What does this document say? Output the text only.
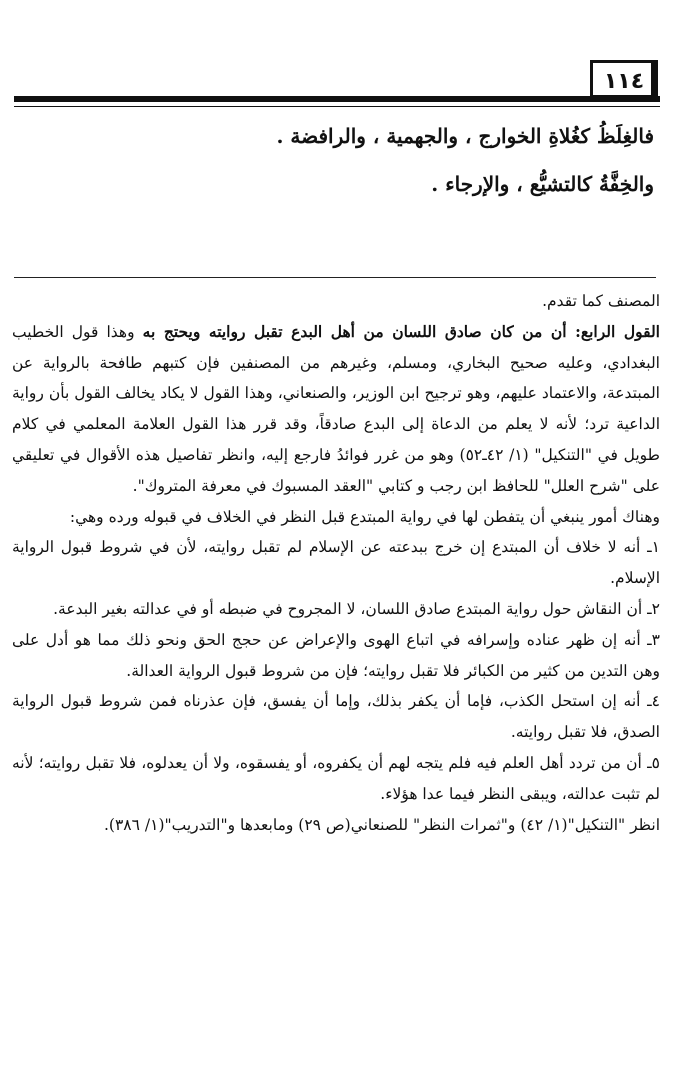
١١٤

فالغِلَظُ كغُلاةِ الخوارج ، والجهمية ، والرافضة .

والخِفَّةُ كالتشيُّع ، والإرجاء .

المصنف كما تقدم.

القول الرابع: أن من كان صادق اللسان من أهل البدع تقبل روايته ويحتج به وهذا قول الخطيب البغدادي، وعليه صحيح البخاري، ومسلم، وغيرهم من المصنفين فإن كتبهم طافحة بالرواية عن المبتدعة، والاعتماد عليهم، وهو ترجيح ابن الوزير، والصنعاني، وهذا القول لا يكاد يخالف القول بأن رواية الداعية ترد؛ لأنه لا يعلم من الدعاة إلى البدع صادقاً، وقد قرر هذا القول العلامة المعلمي في كلام طويل في "التنكيل" (١/ ٤٢ـ٥٢) وهو من غرر فوائدُ فارجع إليه، وانظر تفاصيل هذه الأقوال في تعليقي على "شرح العلل" للحافظ ابن رجب و كتابي "العقد المسبوك في معرفة المتروك".

وهناك أمور ينبغي أن يتفطن لها في رواية المبتدع قبل النظر في الخلاف في قبوله ورده وهي:

١ـ أنه لا خلاف أن المبتدع إن خرج ببدعته عن الإسلام لم تقبل روايته، لأن في شروط قبول الرواية الإسلام.

٢ـ أن النقاش حول رواية المبتدع صادق اللسان، لا المجروح في ضبطه أو في عدالته بغير البدعة.

٣ـ أنه إن ظهر عناده وإسرافه في اتباع الهوى والإعراض عن حجج الحق ونحو ذلك مما هو أدل على وهن التدين من كثير من الكبائر فلا تقبل روايته؛ فإن من شروط قبول الرواية العدالة.

٤ـ أنه إن استحل الكذب، فإما أن يكفر بذلك، وإما أن يفسق، فإن عذرناه فمن شروط قبول الرواية الصدق، فلا تقبل روايته.

٥ـ أن من تردد أهل العلم فيه فلم يتجه لهم أن يكفروه، أو يفسقوه، ولا أن يعدلوه، فلا تقبل روايته؛ لأنه لم تثبت عدالته، ويبقى النظر فيما عدا هؤلاء.

انظر "التنكيل"(١/ ٤٢) و"ثمرات النظر" للصنعاني(ص ٢٩) ومابعدها و"التدريب"(١/ ٣٨٦).
